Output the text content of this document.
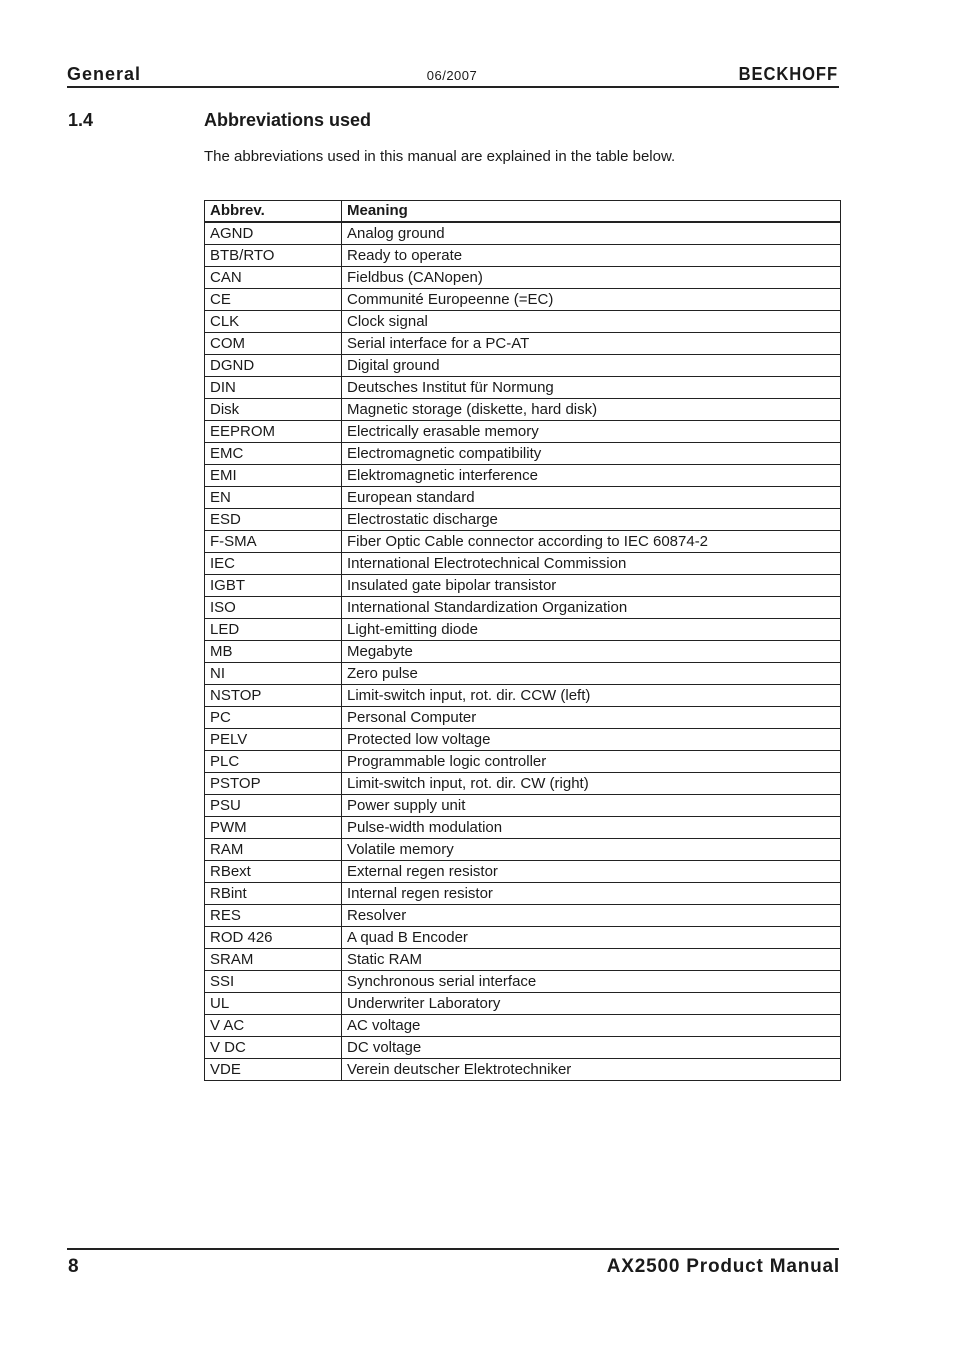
General	06/2007	BECKHOFF
1.4	Abbreviations used
The abbreviations used in this manual are explained in the table below.
Abbrev.	Meaning
AGND	Analog ground
BTB/RTO	Ready to operate
CAN	Fieldbus (CANopen)
CE	Communité Europeenne (=EC)
CLK	Clock signal
COM	Serial interface for a PC-AT
DGND	Digital ground
DIN	Deutsches Institut für Normung
Disk	Magnetic storage (diskette, hard disk)
EEPROM	Electrically erasable memory
EMC	Electromagnetic compatibility
EMI	Elektromagnetic interference
EN	European standard
ESD	Electrostatic discharge
F-SMA	Fiber Optic Cable connector according to IEC 60874-2
IEC	International Electrotechnical Commission
IGBT	Insulated gate bipolar transistor
ISO	International Standardization Organization
LED	Light-emitting diode
MB	Megabyte
NI	Zero pulse
NSTOP	Limit-switch input, rot. dir. CCW (left)
PC	Personal Computer
PELV	Protected low voltage
PLC	Programmable logic controller
PSTOP	Limit-switch input, rot. dir. CW (right)
PSU	Power supply unit
PWM	Pulse-width modulation
RAM	Volatile memory
RBext	External regen resistor
RBint	Internal regen resistor
RES	Resolver
ROD 426	A quad B Encoder
SRAM	Static RAM
SSI	Synchronous serial interface
UL	Underwriter Laboratory
V AC	AC voltage
V DC	DC voltage
VDE	Verein deutscher Elektrotechniker
8	AX2500 Product Manual
